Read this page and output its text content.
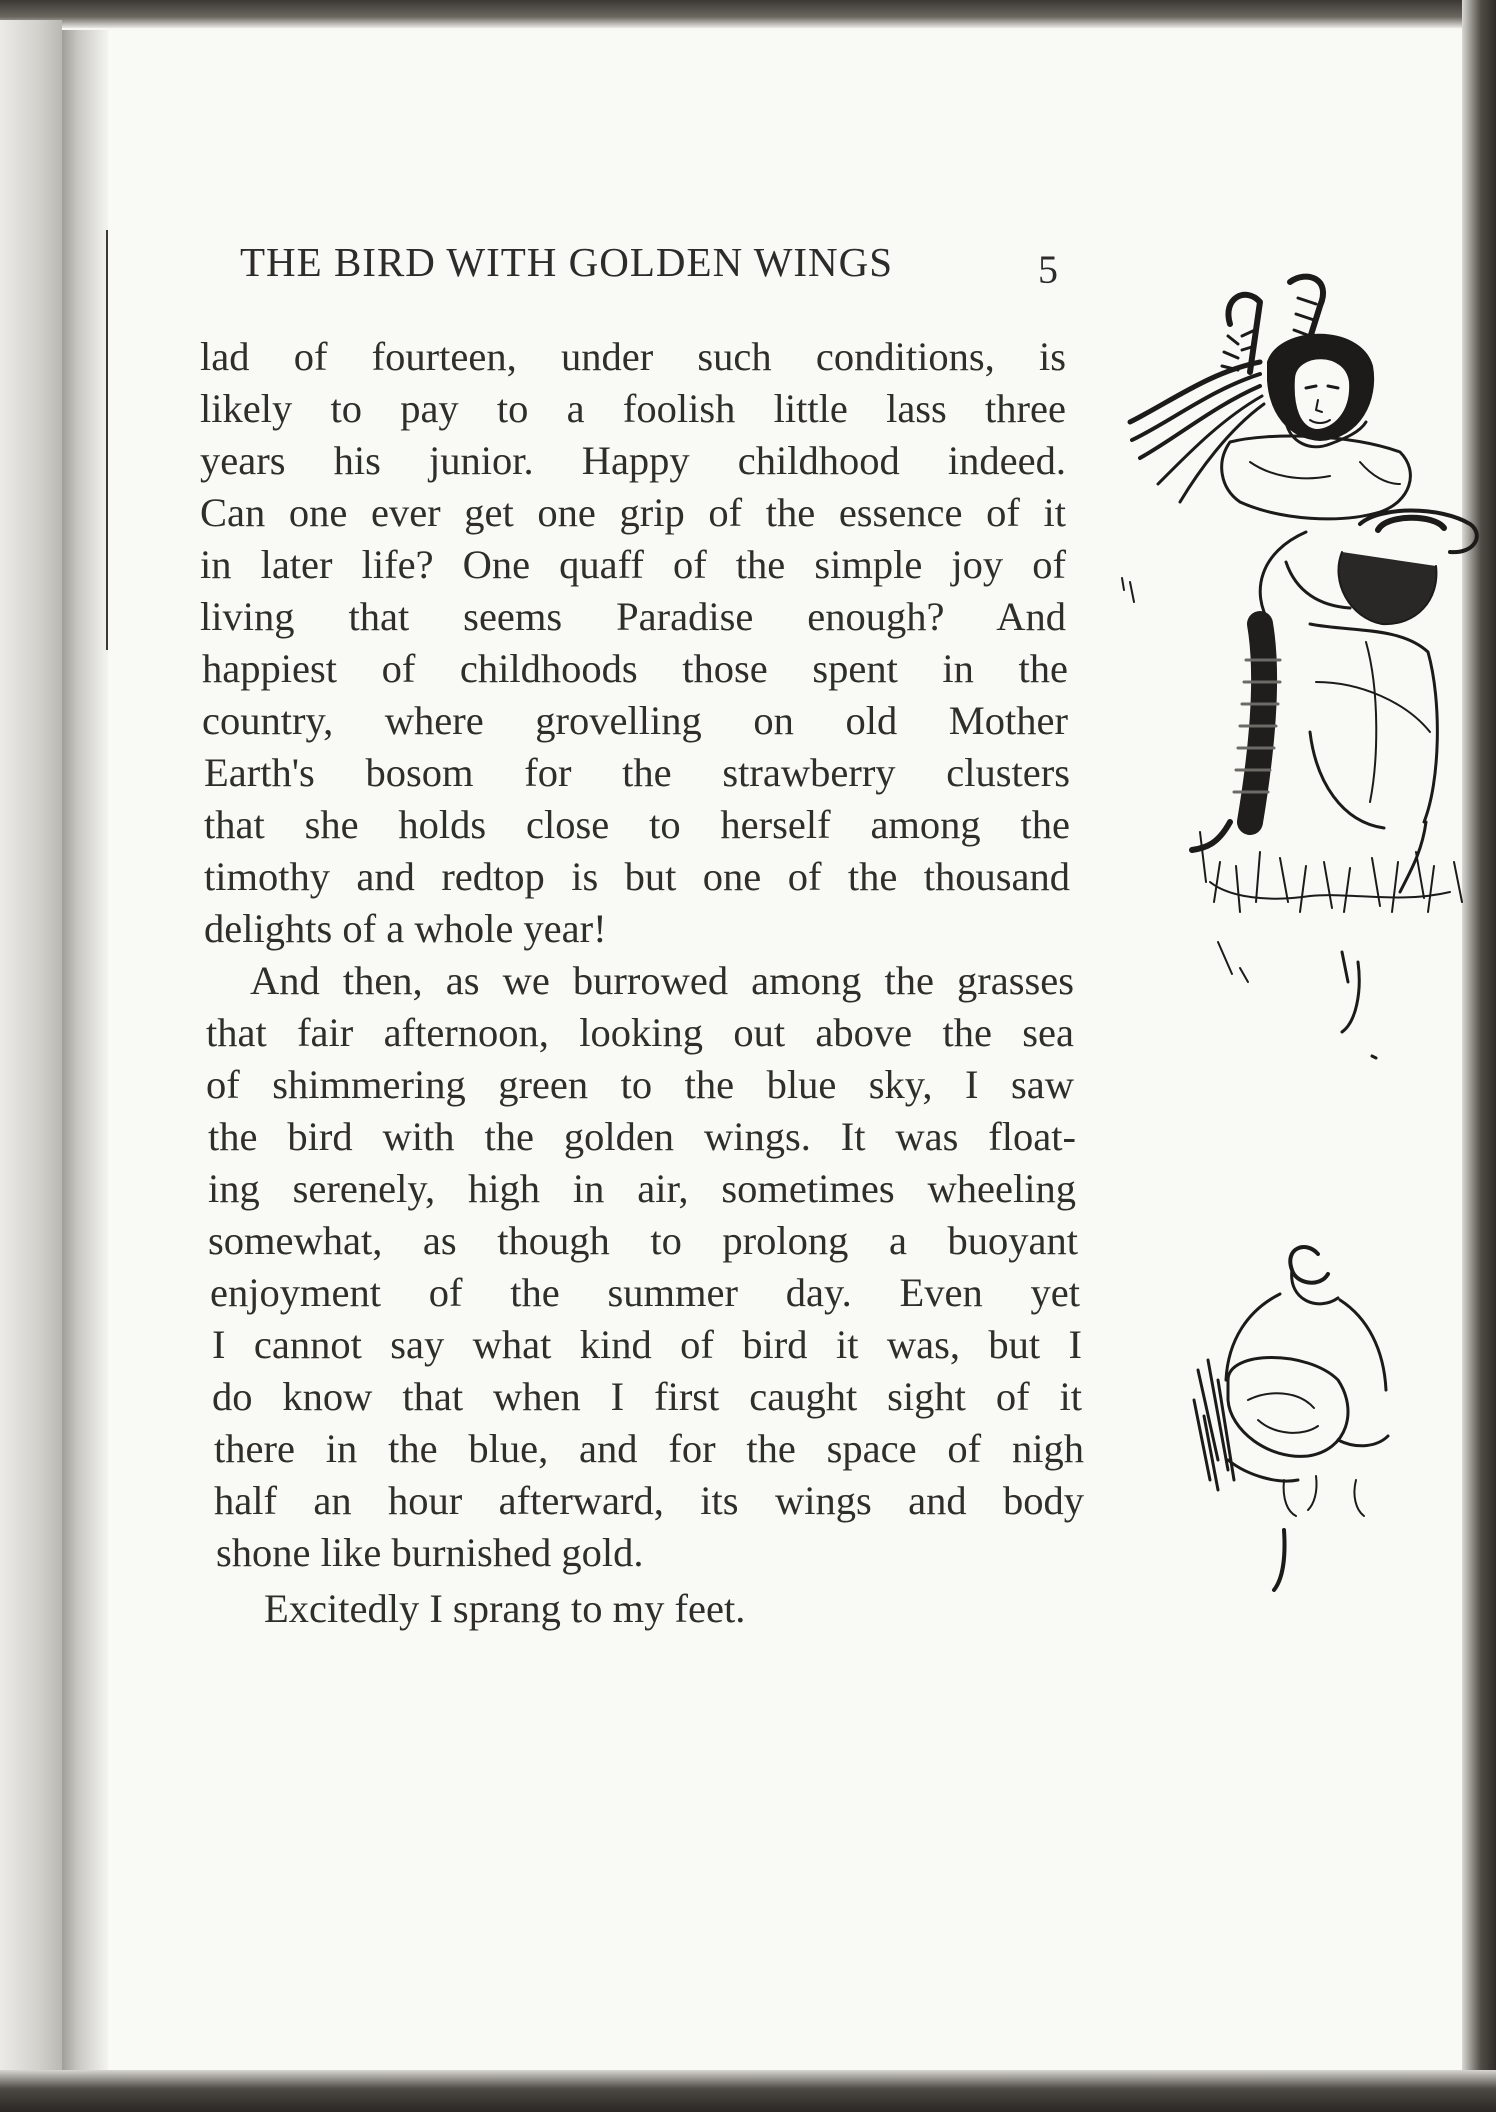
THE BIRD WITH GOLDEN WINGS	5
lad of fourteen, under such conditions, is
likely to pay to a foolish little lass three
years his junior. Happy childhood indeed.
Can one ever get one grip of the essence of it
in later life? One quaff of the simple joy of
living that seems Paradise enough? And
happiest of childhoods those spent in the
country, where grovelling on old Mother
Earth's bosom for the strawberry clusters
that she holds close to herself among the
timothy and redtop is but one of the thousand
delights of a whole year!
And then, as we burrowed among the grasses
that fair afternoon, looking out above the sea
of shimmering green to the blue sky, I saw
the bird with the golden wings. It was float-
ing serenely, high in air, sometimes wheeling
somewhat, as though to prolong a buoyant
enjoyment of the summer day. Even yet
I cannot say what kind of bird it was, but I
do know that when I first caught sight of it
there in the blue, and for the space of nigh
half an hour afterward, its wings and body
shone like burnished gold.
Excitedly I sprang to my feet.
